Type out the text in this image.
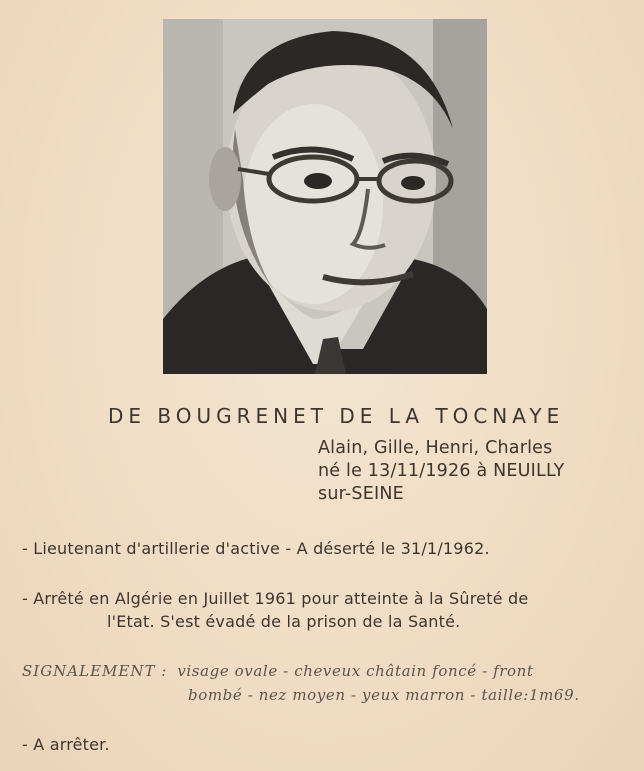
DE BOUGRENET DE LA TOCNAYE
Alain, Gille, Henri, Charles
né le 13/11/1926 à NEUILLY
sur-SEINE
- Lieutenant d'artillerie d'active - A déserté le 31/1/1962.
- Arrêté en Algérie en Juillet 1961 pour atteinte à la Sûreté de
l'Etat. S'est évadé de la prison de la Santé.
SIGNALEMENT : visage ovale - cheveux châtain foncé - front
bombé - nez moyen - yeux marron - taille:1m69.
- A arrêter.
